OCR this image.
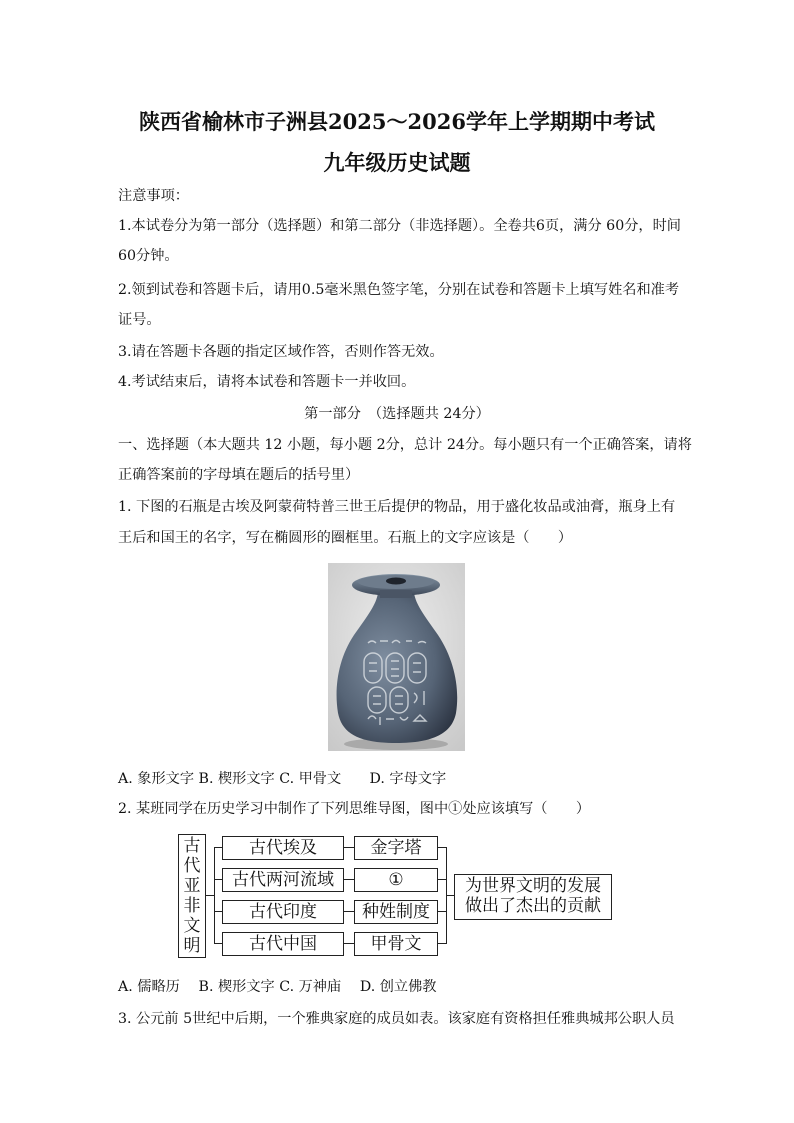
陕西省榆林市子洲县2025～2026学年上学期期中考试
九年级历史试题
注意事项：
1.本试卷分为第一部分（选择题）和第二部分（非选择题）。全卷共6页，满分 60分，时间
60分钟。
2.领到试卷和答题卡后，请用0.5毫米黑色签字笔，分别在试卷和答题卡上填写姓名和准考
证号。
3.请在答题卡各题的指定区域作答，否则作答无效。
4.考试结束后，请将本试卷和答题卡一并收回。
第一部分　（选择题共 24分）
一、选择题（本大题共 12 小题，每小题 2分，总计 24分。每小题只有一个正确答案，请将
正确答案前的字母填在题后的括号里）
1. 下图的石瓶是古埃及阿蒙荷特普三世王后提伊的物品，用于盛化妆品或油膏，瓶身上有
王后和国王的名字，写在椭圆形的圈框里。石瓶上的文字应该是（　　）
A. 象形文字 B. 楔形文字 C. 甲骨文　　D. 字母文字
2. 某班同学在历史学习中制作了下列思维导图，图中①处应该填写（　　）
古
代
亚
非
文
明
古代埃及
古代两河流域
古代印度
古代中国
金字塔
①
种姓制度
甲骨文
为世界文明的发展
做出了杰出的贡献
A. 儒略历　 B. 楔形文字 C. 万神庙　 D. 创立佛教
3. 公元前 5世纪中后期，一个雅典家庭的成员如表。该家庭有资格担任雅典城邦公职人员
